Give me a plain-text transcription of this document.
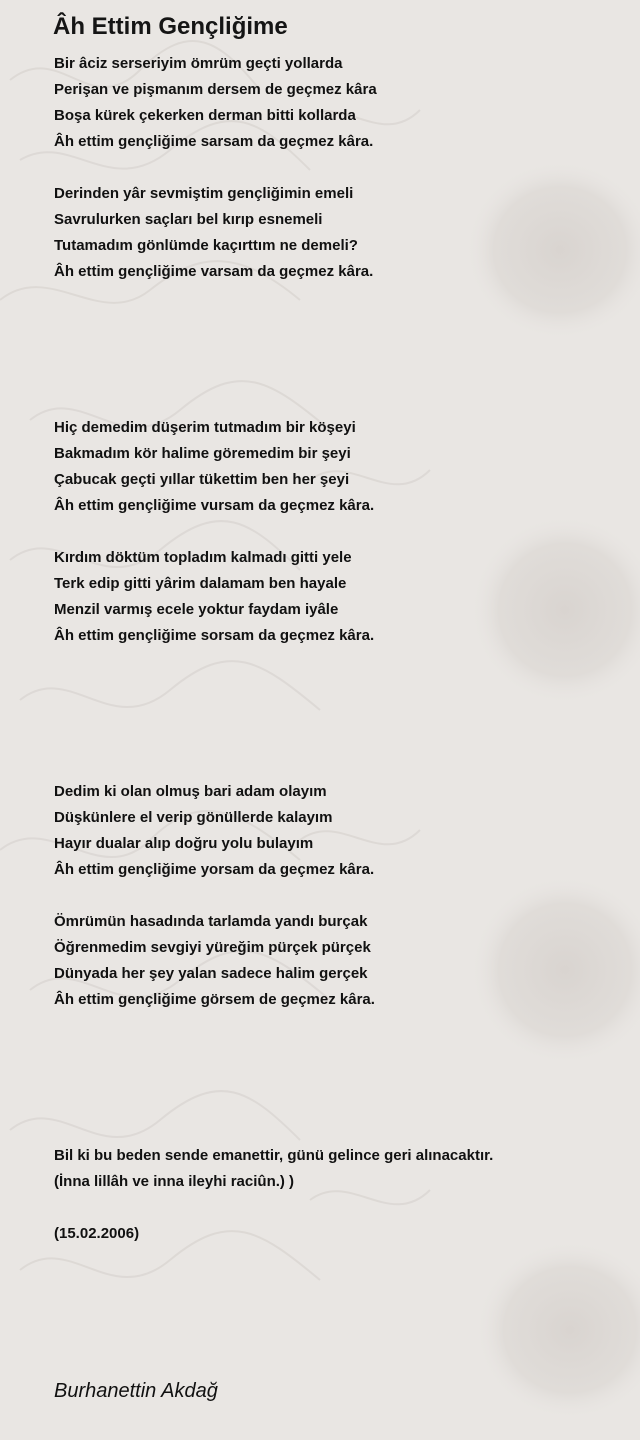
Âh Ettim Gençliğime
Bir âciz serseriyim ömrüm geçti yollarda
Perişan ve pişmanım dersem de geçmez kâra
Boşa kürek çekerken derman bitti kollarda
Âh ettim gençliğime sarsam da geçmez kâra.
Derinden yâr sevmiştim gençliğimin emeli
Savrulurken saçları bel kırıp esnemeli
Tutamadım gönlümde kaçırttım ne demeli?
Âh ettim gençliğime varsam da geçmez kâra.
Hiç demedim düşerim tutmadım bir köşeyi
Bakmadım kör halime göremedim bir şeyi
Çabucak geçti yıllar tükettim ben her şeyi
Âh ettim gençliğime vursam da geçmez kâra.
Kırdım döktüm topladım kalmadı gitti yele
Terk edip gitti yârim dalamam ben hayale
Menzil varmış ecele yoktur faydam iyâle
Âh ettim gençliğime sorsam da geçmez kâra.
Dedim ki olan olmuş bari adam olayım
Düşkünlere el verip gönüllerde kalayım
Hayır dualar alıp doğru yolu bulayım
Âh ettim gençliğime yorsam da geçmez kâra.
Ömrümün hasadında tarlamda yandı burçak
Öğrenmedim sevgiyi yüreğim pürçek pürçek
Dünyada her şey yalan sadece halim gerçek
Âh ettim gençliğime görsem de geçmez kâra.
Bil ki bu beden sende emanettir, günü gelince geri alınacaktır.
(İnna lillâh ve inna ileyhi raciûn.) )
(15.02.2006)
Burhanettin Akdağ
